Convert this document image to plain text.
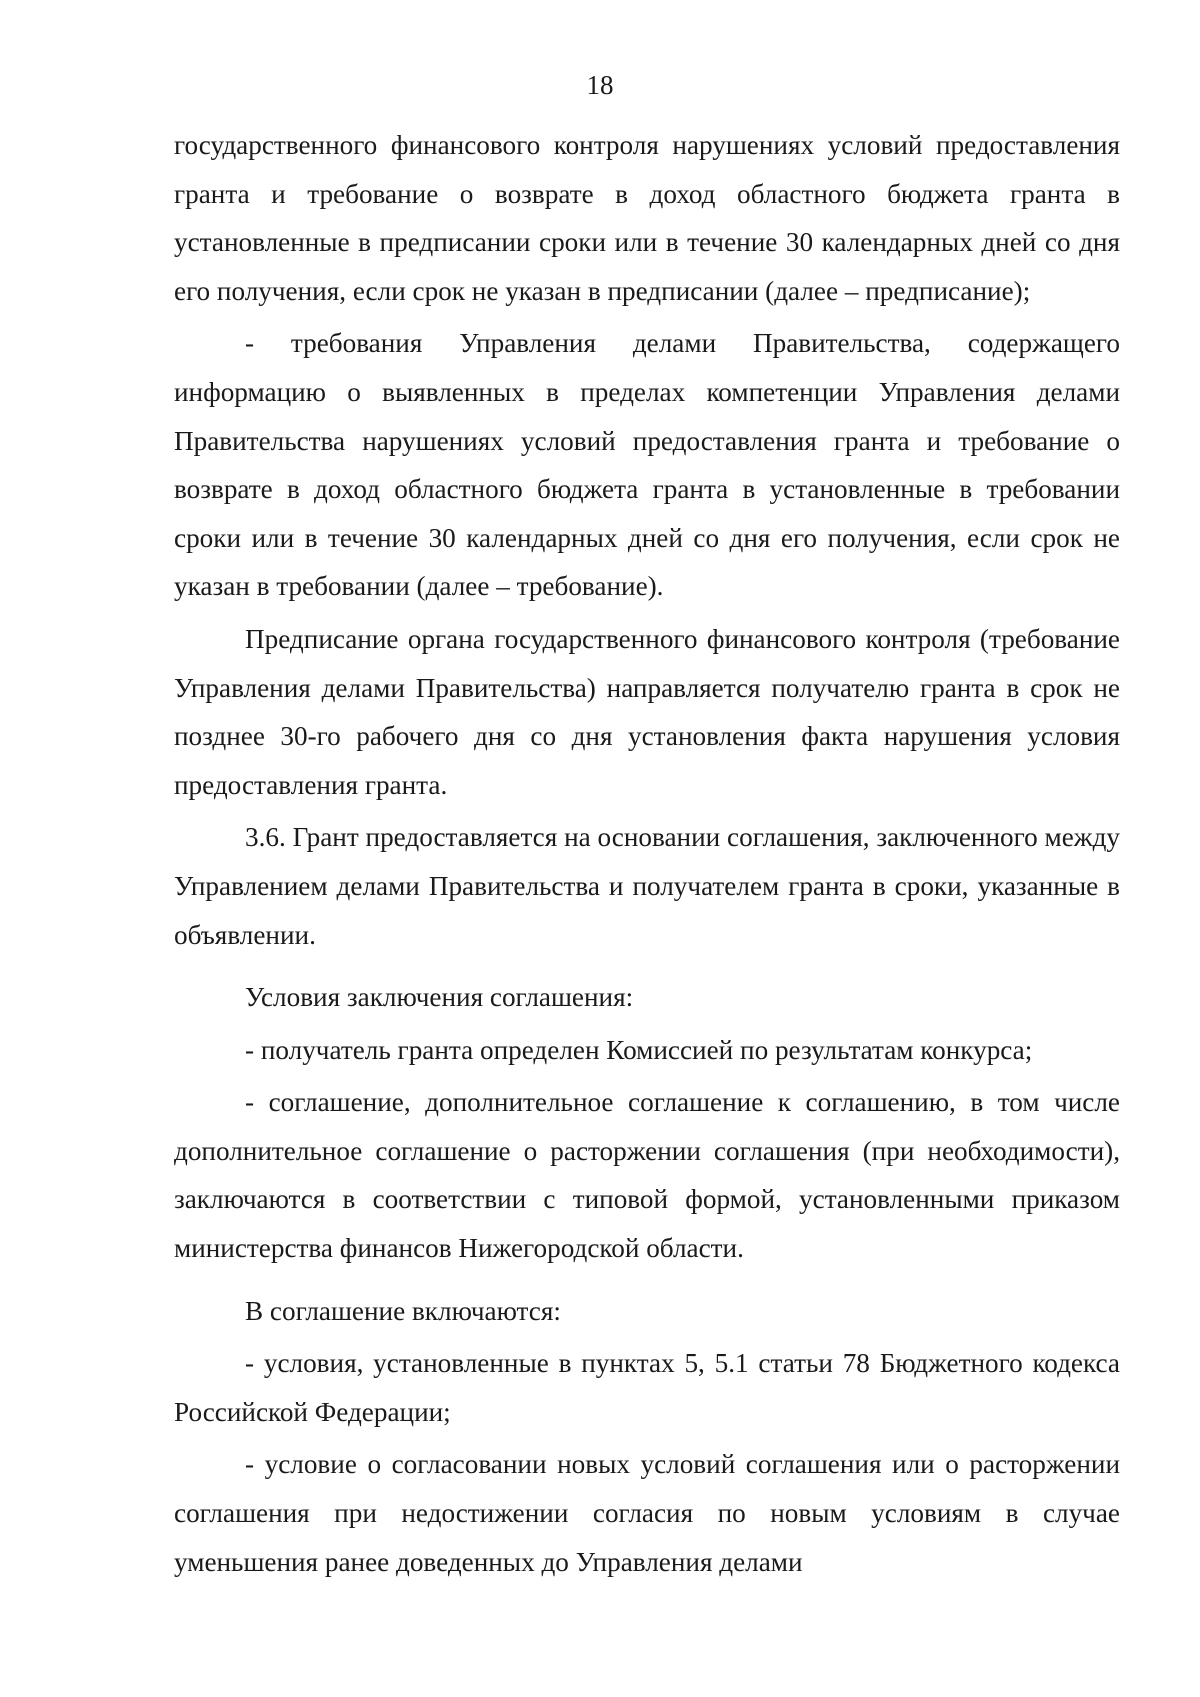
18

государственного финансового контроля нарушениях условий предоставления гранта и требование о возврате в доход областного бюджета гранта в установленные в предписании сроки или в течение 30 календарных дней со дня его получения, если срок не указан в предписании (далее – предписание);

- требования Управления делами Правительства, содержащего информацию о выявленных в пределах компетенции Управления делами Правительства нарушениях условий предоставления гранта и требование о возврате в доход областного бюджета гранта в установленные в требовании сроки или в течение 30 календарных дней со дня его получения, если срок не указан в требовании (далее – требование).

Предписание органа государственного финансового контроля (требование Управления делами Правительства) направляется получателю гранта в срок не позднее 30-го рабочего дня со дня установления факта нарушения условия предоставления гранта.

3.6. Грант предоставляется на основании соглашения, заключенного между Управлением делами Правительства и получателем гранта в сроки, указанные в объявлении.

Условия заключения соглашения:

- получатель гранта определен Комиссией по результатам конкурса;

- соглашение, дополнительное соглашение к соглашению, в том числе дополнительное соглашение о расторжении соглашения (при необходимости), заключаются в соответствии с типовой формой, установленными приказом министерства финансов Нижегородской области.

В соглашение включаются:

- условия, установленные в пунктах 5, 5.1 статьи 78 Бюджетного кодекса Российской Федерации;

- условие о согласовании новых условий соглашения или о расторжении соглашения при недостижении согласия по новым условиям в случае уменьшения ранее доведенных до Управления делами
